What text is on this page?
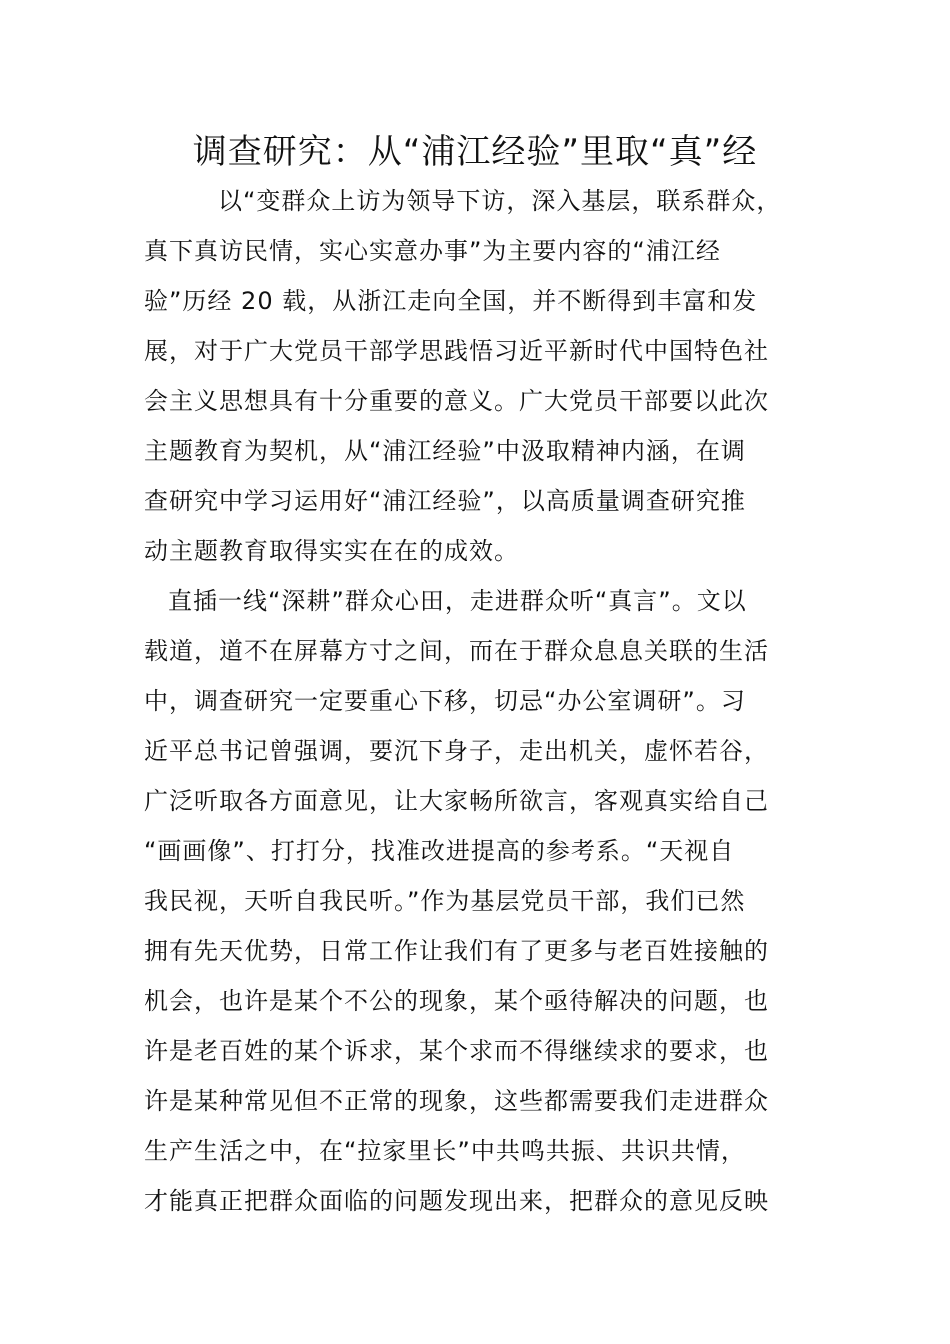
调查研究：从“浦江经验”里取“真”经
以“变群众上访为领导下访，深入基层，联系群众，
真下真访民情，实心实意办事”为主要内容的“浦江经
验”历经 20 载，从浙江走向全国，并不断得到丰富和发
展，对于广大党员干部学思践悟习近平新时代中国特色社
会主义思想具有十分重要的意义。广大党员干部要以此次
主题教育为契机，从“浦江经验”中汲取精神内涵，在调
查研究中学习运用好“浦江经验”，以高质量调查研究推
动主题教育取得实实在在的成效。
直插一线“深耕”群众心田，走进群众听“真言”。文以
载道，道不在屏幕方寸之间，而在于群众息息关联的生活
中，调查研究一定要重心下移，切忌“办公室调研”。习
近平总书记曾强调，要沉下身子，走出机关，虚怀若谷，
广泛听取各方面意见，让大家畅所欲言，客观真实给自己
“画画像”、打打分，找准改进提高的参考系。“天视自
我民视，天听自我民听。”作为基层党员干部，我们已然
拥有先天优势，日常工作让我们有了更多与老百姓接触的
机会，也许是某个不公的现象，某个亟待解决的问题，也
许是老百姓的某个诉求，某个求而不得继续求的要求，也
许是某种常见但不正常的现象，这些都需要我们走进群众
生产生活之中，在“拉家里长”中共鸣共振、共识共情，
才能真正把群众面临的问题发现出来，把群众的意见反映
